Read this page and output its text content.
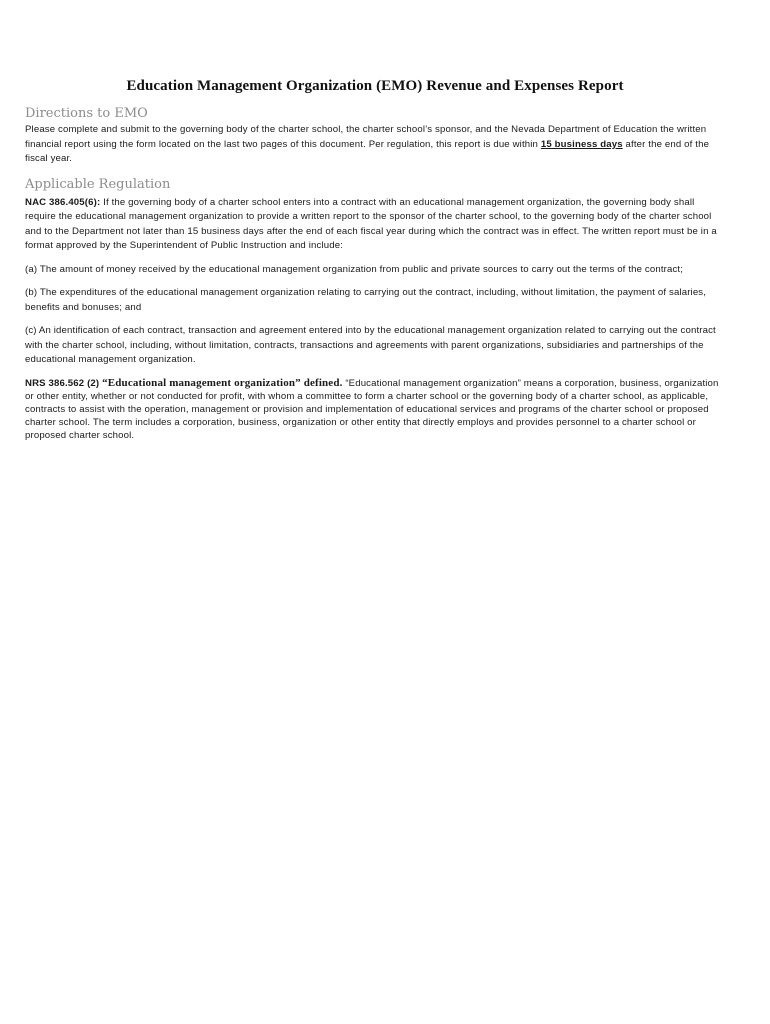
Education Management Organization (EMO) Revenue and Expenses Report
Directions to EMO

Please complete and submit to the governing body of the charter school, the charter school’s sponsor, and the Nevada Department of Education the written financial report using the form located on the last two pages of this document. Per regulation, this report is due within 15 business days after the end of the fiscal year.

Applicable Regulation

NAC 386.405(6): If the governing body of a charter school enters into a contract with an educational management organization, the governing body shall require the educational management organization to provide a written report to the sponsor of the charter school, to the governing body of the charter school and to the Department not later than 15 business days after the end of each fiscal year during which the contract was in effect. The written report must be in a format approved by the Superintendent of Public Instruction and include:

(a) The amount of money received by the educational management organization from public and private sources to carry out the terms of the contract;

(b) The expenditures of the educational management organization relating to carrying out the contract, including, without limitation, the payment of salaries, benefits and bonuses; and

(c) An identification of each contract, transaction and agreement entered into by the educational management organization related to carrying out the contract with the charter school, including, without limitation, contracts, transactions and agreements with parent organizations, subsidiaries and partnerships of the educational management organization.

NRS 386.562 (2) “Educational management organization” defined. “Educational management organization” means a corporation, business, organization or other entity, whether or not conducted for profit, with whom a committee to form a charter school or the governing body of a charter school, as applicable, contracts to assist with the operation, management or provision and implementation of educational services and programs of the charter school or proposed charter school. The term includes a corporation, business, organization or other entity that directly employs and provides personnel to a charter school or proposed charter school.
